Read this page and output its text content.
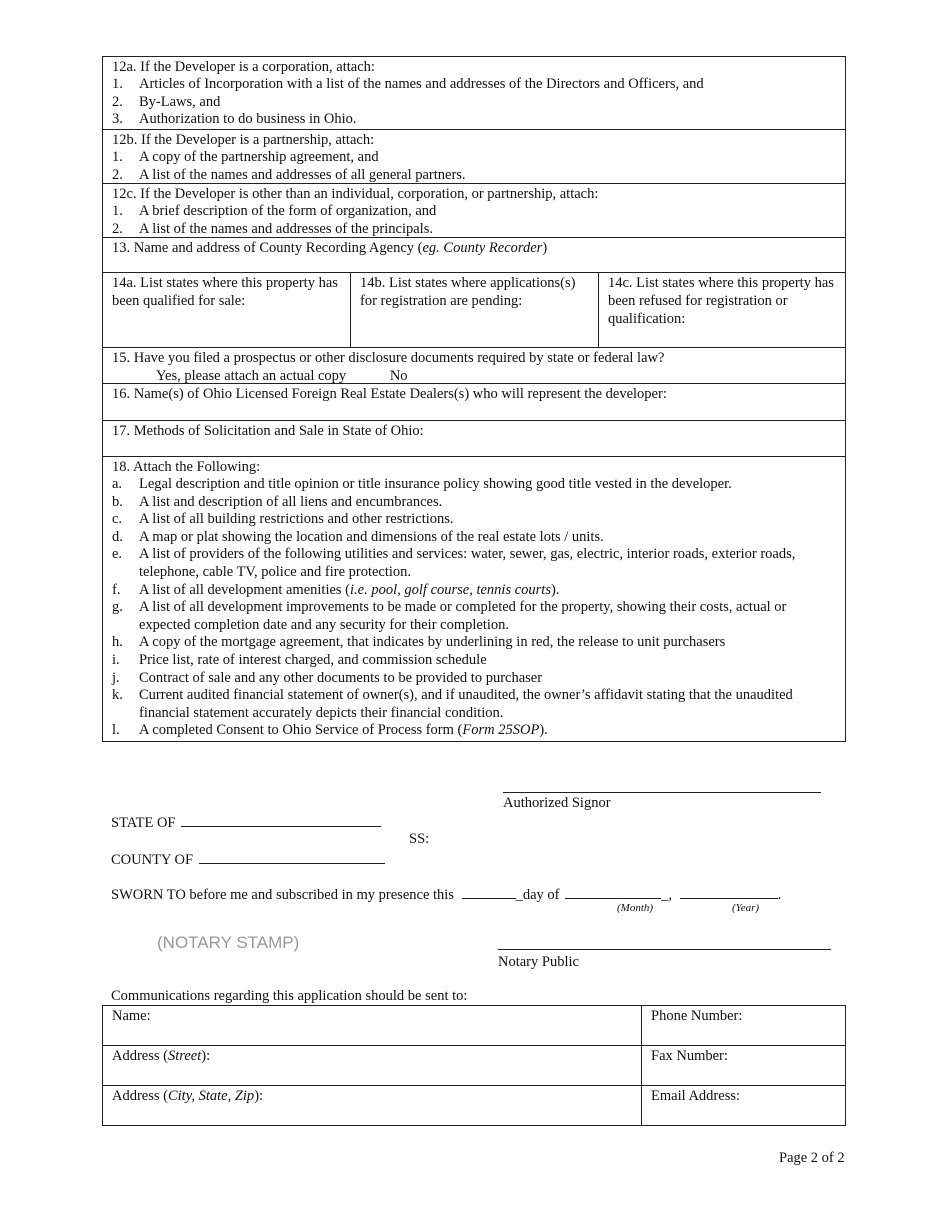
12a. If the Developer is a corporation, attach:
1.	Articles of Incorporation with a list of the names and addresses of the Directors and Officers, and
2.	By-Laws, and
3.	Authorization to do business in Ohio.
12b. If the Developer is a partnership, attach:
1.	A copy of the partnership agreement, and
2.	A list of the names and addresses of all general partners.
12c. If the Developer is other than an individual, corporation, or partnership, attach:
1.	A brief description of the form of organization, and
2.	A list of the names and addresses of the principals.
13. Name and address of County Recording Agency (eg. County Recorder)
14a. List states where this property has been qualified for sale:
14b. List states where applications(s) for registration are pending:
14c. List states where this property has been refused for registration or qualification:
15. Have you filed a prospectus or other disclosure documents required by state or federal law?
Yes, please attach an actual copy	No
16. Name(s) of Ohio Licensed Foreign Real Estate Dealers(s) who will represent the developer:
17. Methods of Solicitation and Sale in State of Ohio:
18. Attach the Following:
a.	Legal description and title opinion or title insurance policy showing good title vested in the developer.
b.	A list and description of all liens and encumbrances.
c.	A list of all building restrictions and other restrictions.
d.	A map or plat showing the location and dimensions of the real estate lots / units.
e.	A list of providers of the following utilities and services: water, sewer, gas, electric, interior roads, exterior roads, telephone, cable TV, police and fire protection.
f.	A list of all development amenities (i.e. pool, golf course, tennis courts).
g.	A list of all development improvements to be made or completed for the property, showing their costs, actual or expected completion date and any security for their completion.
h.	A copy of the mortgage agreement, that indicates by underlining in red, the release to unit purchasers
i.	Price list, rate of interest charged, and commission schedule
j.	Contract of sale and any other documents to be provided to purchaser
k.	Current audited financial statement of owner(s), and if unaudited, the owner’s affidavit stating that the unaudited financial statement accurately depicts their financial condition.
l.	A completed Consent to Ohio Service of Process form (Form 25SOP).
Authorized Signor
STATE OF
SS:
COUNTY OF
SWORN TO before me and subscribed in my presence this	_day of	_,	.
(Month)	(Year)
(NOTARY STAMP)
Notary Public
Communications regarding this application should be sent to:
Name:	Phone Number:
Address (Street):	Fax Number:
Address (City, State, Zip):	Email Address:
Page 2 of 2
